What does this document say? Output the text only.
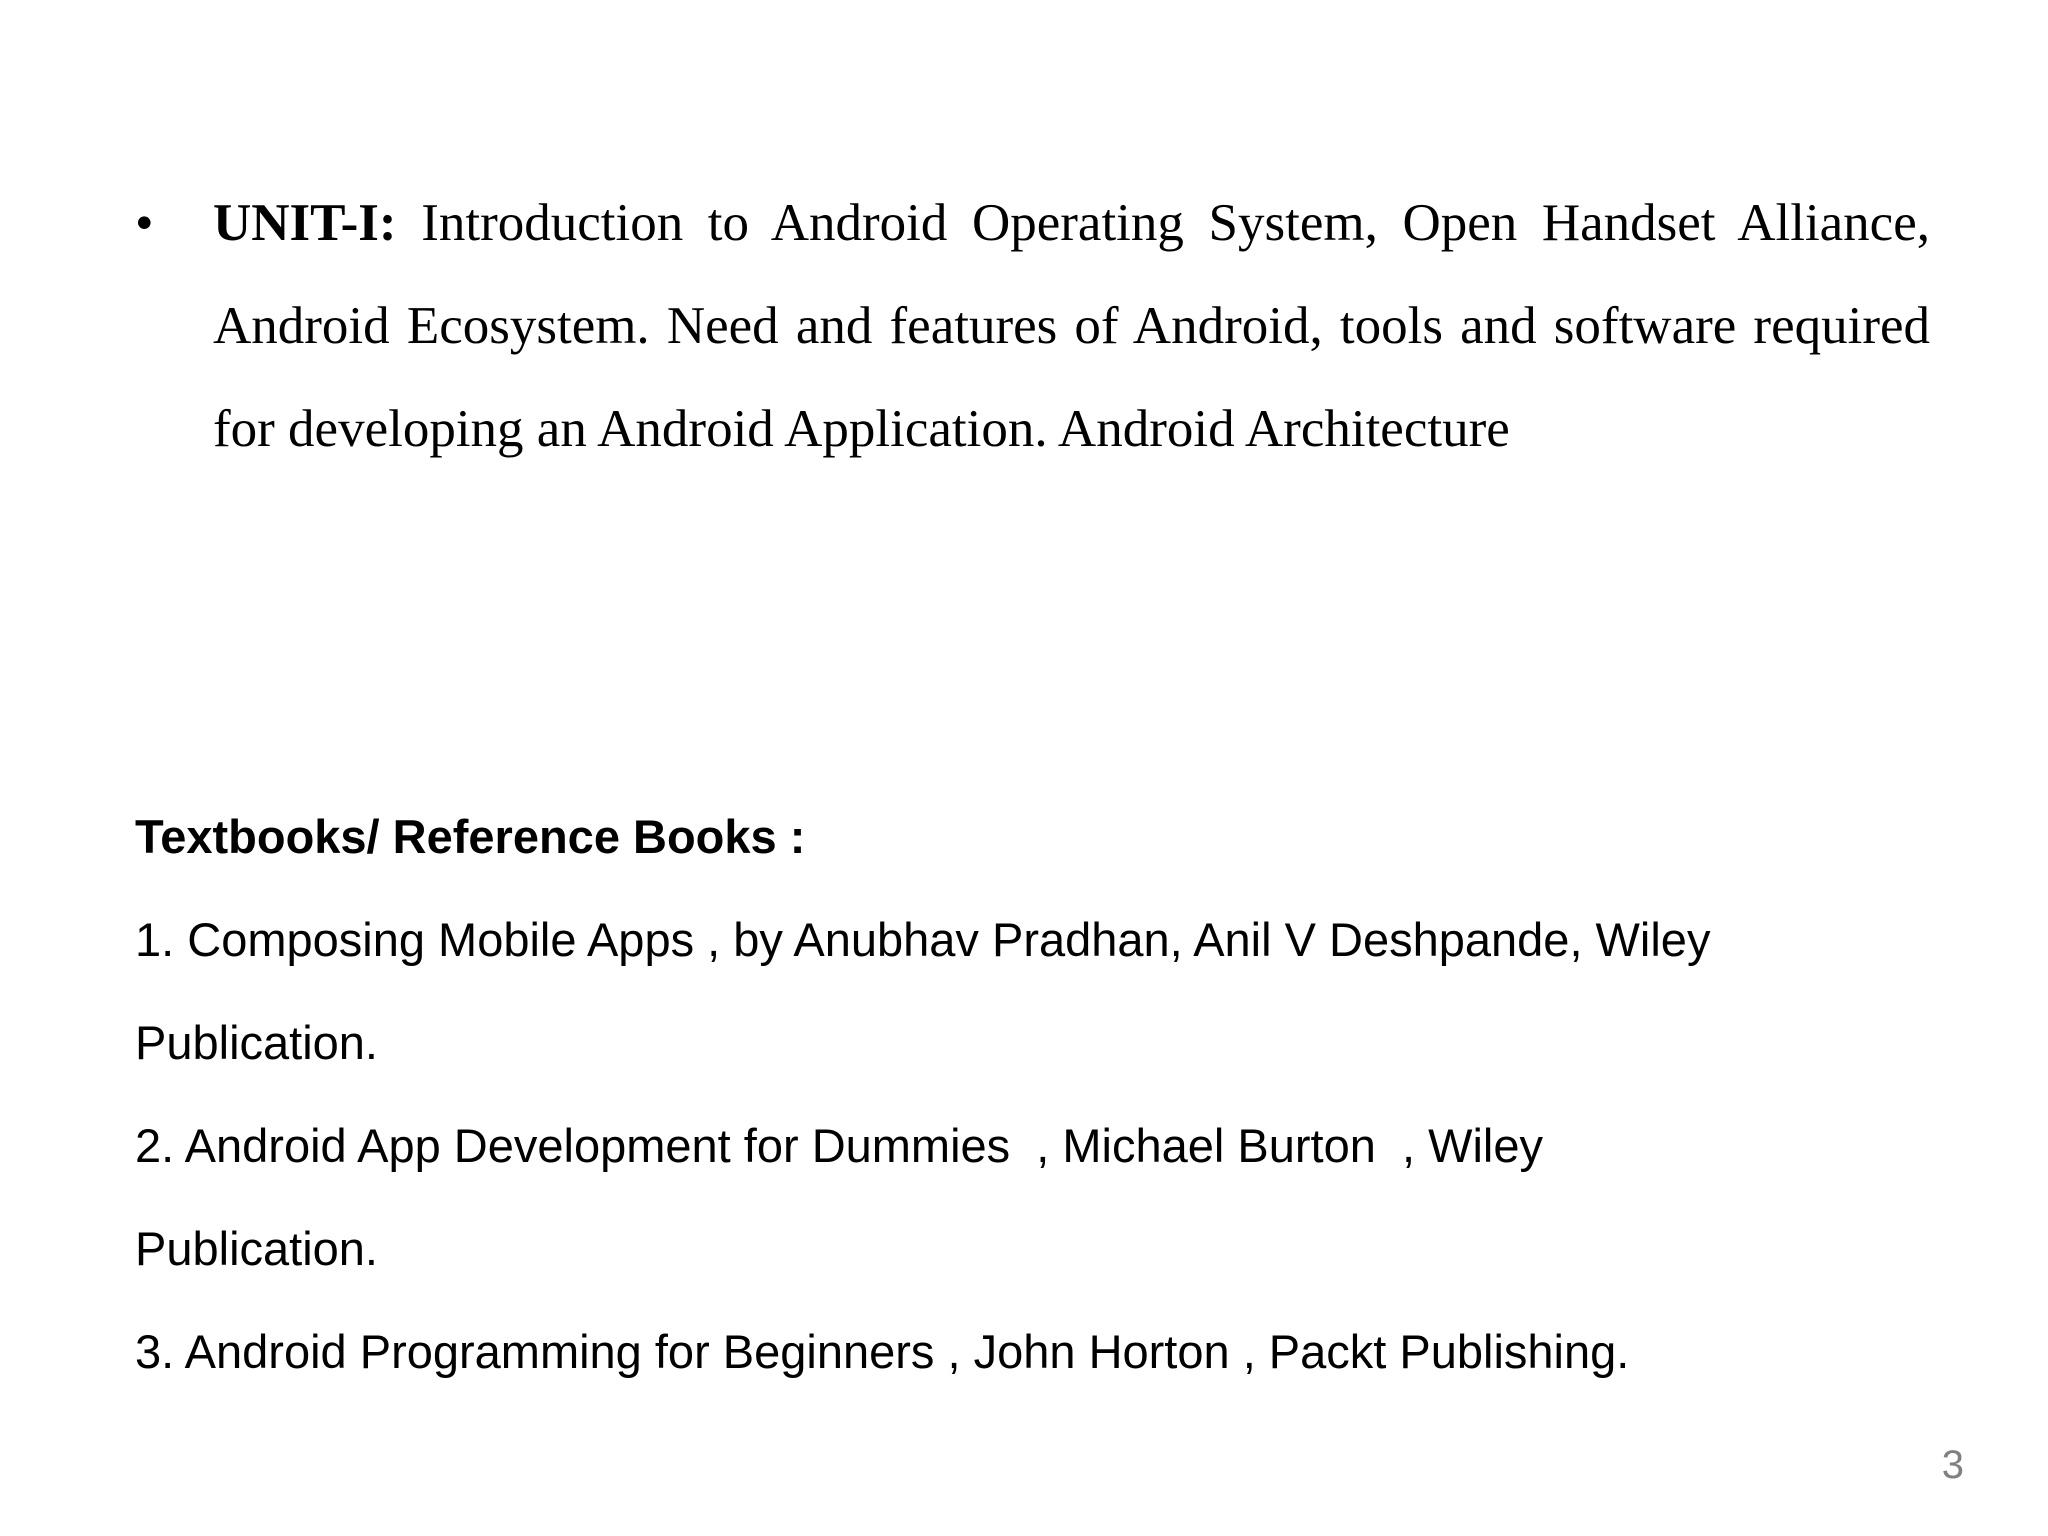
•	UNIT-I: Introduction to Android Operating System, Open Handset Alliance, Android Ecosystem. Need and features of Android, tools and software required for developing an Android Application. Android Architecture
Textbooks/ Reference Books :
1. Composing Mobile Apps , by Anubhav Pradhan, Anil V Deshpande, Wiley
Publication.
2. Android App Development for Dummies  , Michael Burton  , Wiley
Publication.
3. Android Programming for Beginners , John Horton , Packt Publishing.
3
